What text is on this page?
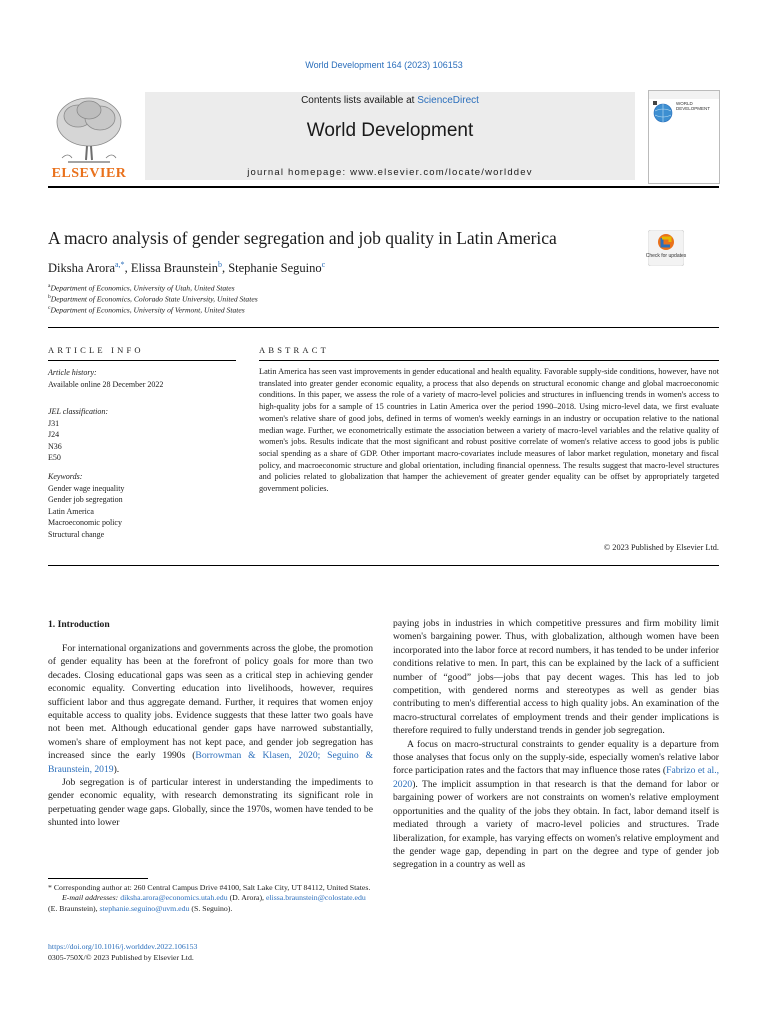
World Development 164 (2023) 106153
Contents lists available at ScienceDirect
World Development
journal homepage: www.elsevier.com/locate/worlddev
ELSEVIER
WORLD DEVELOPMENT
A macro analysis of gender segregation and job quality in Latin America
Check for updates
Diksha Arora$^{a,*}$, Elissa Braunstein$^b$, Stephanie Seguino$^c$
$^a$Department of Economics, University of Utah, United States
$^b$Department of Economics, Colorado State University, United States
$^c$Department of Economics, University of Vermont, United States
ARTICLE INFO
Article history:
Available online 28 December 2022
JEL classification:
J31
J24
N36
E50
Keywords:
Gender wage inequality
Gender job segregation
Latin America
Macroeconomic policy
Structural change
ABSTRACT
Latin America has seen vast improvements in gender educational and health equality. Favorable supply-side conditions, however, have not translated into greater gender economic equality, a process that also depends on structural economic change and global macroeconomic conditions. In this paper, we assess the role of a variety of macro-level policies and structures in influencing trends in women's access to high-quality jobs for a sample of 15 countries in Latin America over the period 1990–2018. Using micro-level data, we first evaluate women's relative share of good jobs, defined in terms of women's weekly earnings in an industry or occupation relative to the national median wage. Further, we econometrically estimate the association between a variety of macro-level variables and the relative quality of women's jobs. Results indicate that the most significant and robust positive correlate of women's relative access to good jobs is public social spending as a share of GDP. Other important macro-covariates include measures of labor market regulation, monetary and fiscal policy, and macroeconomic structure and global orientation, including financial openness. The results suggest that macro-level structures and policies related to globalization that hamper the achievement of greater gender equality can be offset by appropriately targeted government policies.
© 2023 Published by Elsevier Ltd.
1. Introduction

For international organizations and governments across the globe, the promotion of gender equality has been at the forefront of policy goals for more than two decades. Closing educational gaps was seen as a critical step in achieving gender economic equality. Converting education into livelihoods, however, requires sufficient labor and thus aggregate demand. Further, it requires that women enjoy equitable access to quality jobs. Evidence suggests that these latter two goals have not been met. Although educational gender gaps have narrowed substantially, women's share of employment has not kept pace, and gender job segregation has increased since the early 1990s (Borrowman & Klasen, 2020; Seguino & Braunstein, 2019).

Job segregation is of particular interest in understanding the impediments to gender economic equality, with research demonstrating its significant role in perpetuating gender wage gaps. Globally, since the 1970s, women have tended to be shunted into lower

paying jobs in industries in which competitive pressures and firm mobility limit women's bargaining power. Thus, with globalization, although women have been incorporated into the labor force at record numbers, it has tended to be under inferior conditions relative to men. In part, this can be explained by the lack of a sufficient number of “good” jobs—jobs that pay decent wages. This has led to job competition, with gendered norms and stereotypes as well as gender bias contributing to men's differential access to high quality jobs. An examination of the macro-structural correlates of employment trends and their gender implications is therefore required to fully understand trends in gender job segregation.

A focus on macro-structural constraints to gender equality is a departure from those analyses that focus only on the supply-side, especially women's relative labor force participation rates and the factors that may influence those rates (Fabrizo et al., 2020). The implicit assumption in that research is that the demand for labor or bargaining power of workers are not constraints on women's relative employment opportunities and the quality of the jobs they obtain. In fact, labor demand itself is mediated through a variety of macro-level policies and structures. Trade liberalization, for example, has varying effects on women's relative employment and the gender wage gap, depending in part on the degree and type of gender job segregation in a country as well as

* Corresponding author at: 260 Central Campus Drive #4100, Salt Lake City, UT 84112, United States.
E-mail addresses: diksha.arora@economics.utah.edu (D. Arora), elissa.braunstein@colostate.edu (E. Braunstein), stephanie.seguino@uvm.edu (S. Seguino).
https://doi.org/10.1016/j.worlddev.2022.106153
0305-750X/© 2023 Published by Elsevier Ltd.
